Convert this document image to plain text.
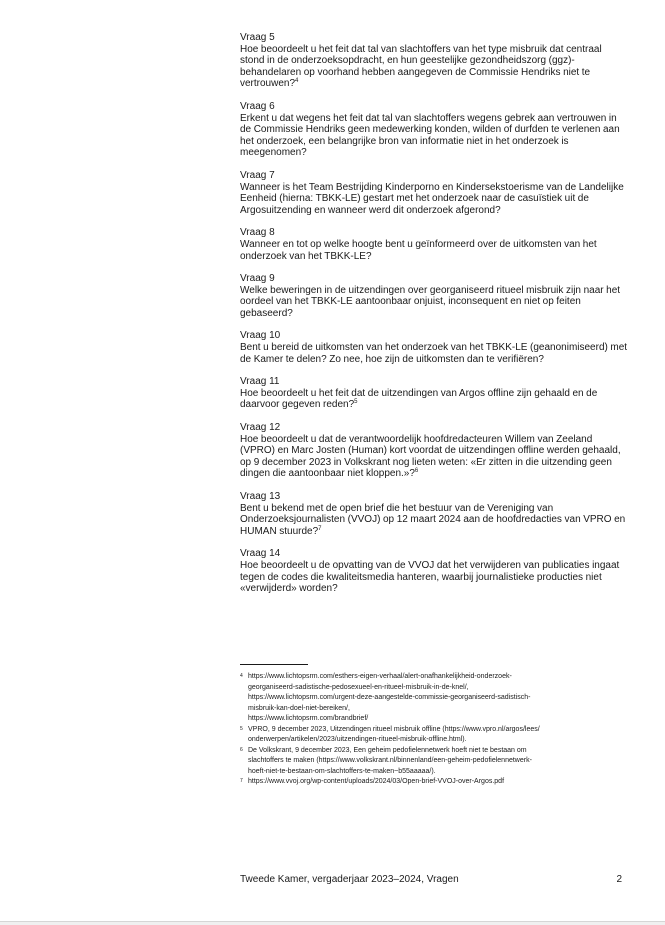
Vraag 5

Hoe beoordeelt u het feit dat tal van slachtoffers van het type misbruik dat centraal stond in de onderzoeksopdracht, en hun geestelijke gezondheidszorg (ggz)-behandelaren op voorhand hebben aangegeven de Commissie Hendriks niet te vertrouwen?$^4$

Vraag 6

Erkent u dat wegens het feit dat tal van slachtoffers wegens gebrek aan vertrouwen in de Commissie Hendriks geen medewerking konden, wilden of durfden te verlenen aan het onderzoek, een belangrijke bron van informatie niet in het onderzoek is meegenomen?

Vraag 7

Wanneer is het Team Bestrijding Kinderporno en Kindersekstoerisme van de Landelijke Eenheid (hierna: TBKK-LE) gestart met het onderzoek naar de casuïstiek uit de Argosuitzending en wanneer werd dit onderzoek afgerond?

Vraag 8

Wanneer en tot op welke hoogte bent u geïnformeerd over de uitkomsten van het onderzoek van het TBKK-LE?

Vraag 9

Welke beweringen in de uitzendingen over georganiseerd ritueel misbruik zijn naar het oordeel van het TBKK-LE aantoonbaar onjuist, inconsequent en niet op feiten gebaseerd?

Vraag 10

Bent u bereid de uitkomsten van het onderzoek van het TBKK-LE (geanonimiseerd) met de Kamer te delen? Zo nee, hoe zijn de uitkomsten dan te verifiëren?

Vraag 11

Hoe beoordeelt u het feit dat de uitzendingen van Argos offline zijn gehaald en de daarvoor gegeven reden?$^5$

Vraag 12

Hoe beoordeelt u dat de verantwoordelijk hoofdredacteuren Willem van Zeeland (VPRO) en Marc Josten (Human) kort voordat de uitzendingen offline werden gehaald, op 9 december 2023 in Volkskrant nog lieten weten: «Er zitten in die uitzending geen dingen die aantoonbaar niet kloppen.»?$^6$

Vraag 13

Bent u bekend met de open brief die het bestuur van de Vereniging van Onderzoeksjournalisten (VVOJ) op 12 maart 2024 aan de hoofdredacties van VPRO en HUMAN stuurde?$^7$

Vraag 14

Hoe beoordeelt u de opvatting van de VVOJ dat het verwijderen van publicaties ingaat tegen de codes die kwaliteitsmedia hanteren, waarbij journalistieke producties niet «verwijderd» worden?

4 https://www.lichtopsrm.com/esthers-eigen-verhaal/alert-onafhankelijkheid-onderzoek-
georganiseerd-sadistische-pedosexueel-en-ritueel-misbruik-in-de-knel/,
https://www.lichtopsrm.com/urgent-deze-aangestelde-commissie-georganiseerd-sadistisch-
misbruik-kan-doel-niet-bereiken/,
https://www.lichtopsrm.com/brandbrief/
5 VPRO, 9 december 2023, Uitzendingen ritueel misbruik offline (https://www.vpro.nl/argos/lees/
onderwerpen/artikelen/2023/uitzendingen-ritueel-misbruik-offline.html).
6 De Volkskrant, 9 december 2023, Een geheim pedofielennetwerk hoeft niet te bestaan om
slachtoffers te maken (https://www.volkskrant.nl/binnenland/een-geheim-pedofielennetwerk-
hoeft-niet-te-bestaan-om-slachtoffers-te-maken~b55aaaaa/).
7 https://www.vvoj.org/wp-content/uploads/2024/03/Open-brief-VVOJ-over-Argos.pdf
Tweede Kamer, vergaderjaar 2023–2024, Vragen	2
